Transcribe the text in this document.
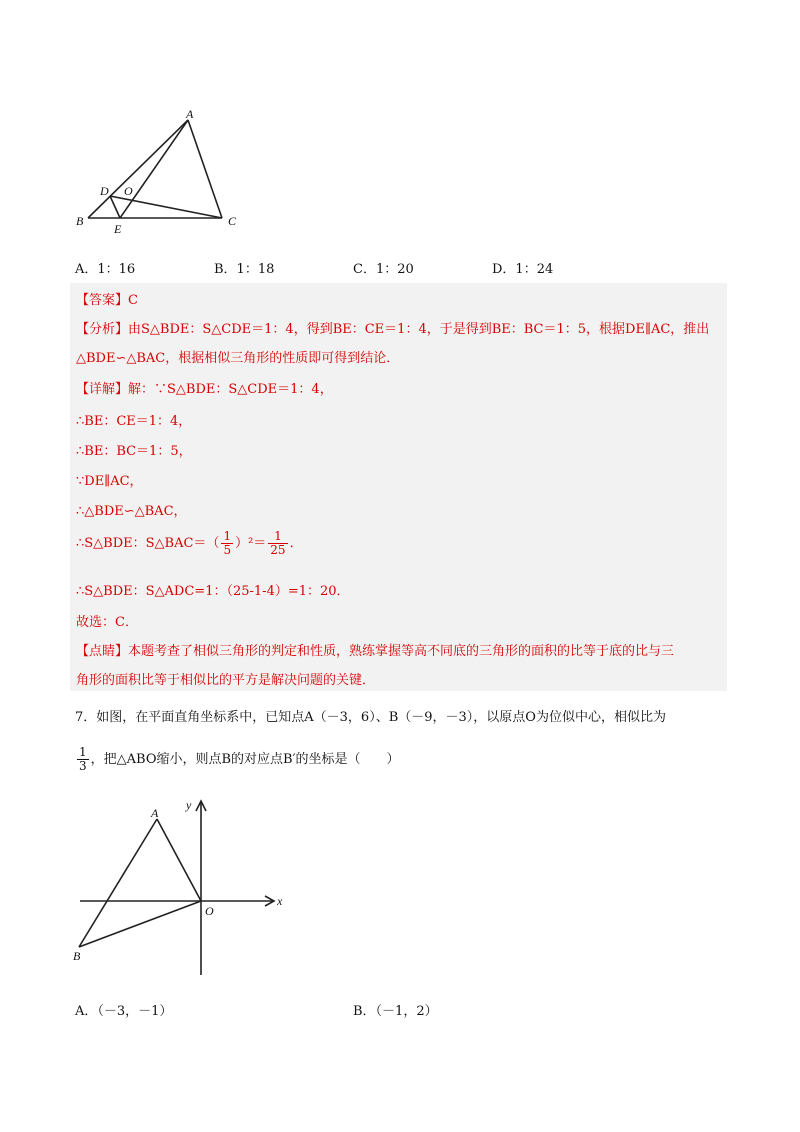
A
B	C
D
E
O
A．1：16	B．1：18	C．1：20	D．1：24
【答案】C
【分析】由S△BDE：S△CDE＝1：4，得到BE：CE＝1：4，于是得到BE：BC＝1：5，根据DE∥AC，推出
△BDE∽△BAC，根据相似三角形的性质即可得到结论．
【详解】解：∵S△BDE：S△CDE＝1：4，
∴BE：CE＝1：4，
∴BE：BC＝1：5，
∵DE∥AC，
∴△BDE∽△BAC，
∴S△BDE：S△BAC＝（ $\frac{1}{5} )^2= \frac{1}{25}$ ．
∴S△BDE：S△ADC=1：（25-1-4）=1：20．
故选：C．
【点睛】本题考查了相似三角形的判定和性质，熟练掌握等高不同底的三角形的面积的比等于底的比与三
角形的面积比等于相似比的平方是解决问题的关键．
7．如图，在平面直角坐标系中，已知点A（－3，6）、B（－9，－3），以原点O为位似中心，相似比为
$\frac{1}{3}$ ，把△ABO缩小，则点B的对应点B′的坐标是（　　）
A
B
O
x
y
A．（－3，－1）	B．（－1，2）
